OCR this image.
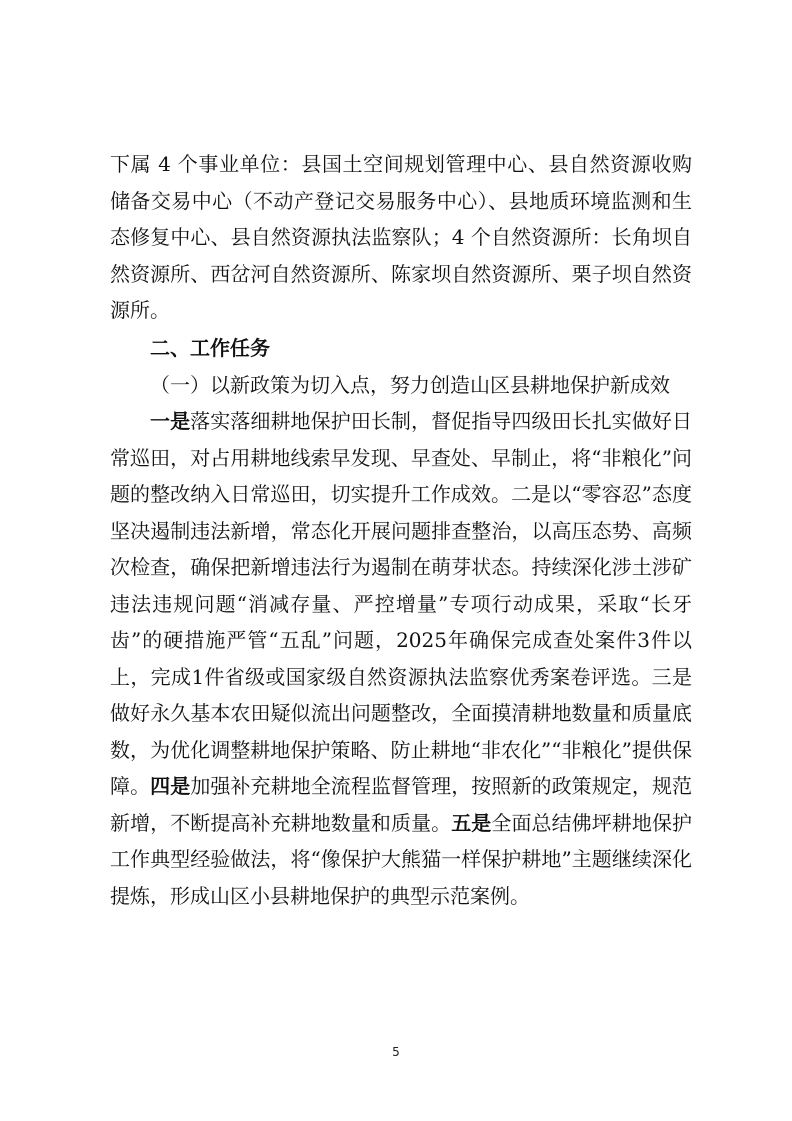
下属 4 个事业单位：县国土空间规划管理中心、县自然资源收购储备交易中心（不动产登记交易服务中心）、县地质环境监测和生态修复中心、县自然资源执法监察队；4 个自然资源所：长角坝自然资源所、西岔河自然资源所、陈家坝自然资源所、栗子坝自然资源所。

二、工作任务

（一）以新政策为切入点，努力创造山区县耕地保护新成效

一是落实落细耕地保护田长制，督促指导四级田长扎实做好日常巡田，对占用耕地线索早发现、早查处、早制止，将“非粮化”问题的整改纳入日常巡田，切实提升工作成效。二是以“零容忍”态度坚决遏制违法新增，常态化开展问题排查整治，以高压态势、高频次检查，确保把新增违法行为遏制在萌芽状态。持续深化涉土涉矿违法违规问题“消减存量、严控增量”专项行动成果，采取“长牙齿”的硬措施严管“五乱”问题，2025年确保完成查处案件3件以上，完成1件省级或国家级自然资源执法监察优秀案卷评选。三是做好永久基本农田疑似流出问题整改，全面摸清耕地数量和质量底数，为优化调整耕地保护策略、防止耕地“非农化”“非粮化”提供保障。四是加强补充耕地全流程监督管理，按照新的政策规定，规范新增，不断提高补充耕地数量和质量。五是全面总结佛坪耕地保护工作典型经验做法，将“像保护大熊猫一样保护耕地”主题继续深化提炼，形成山区小县耕地保护的典型示范案例。

5
